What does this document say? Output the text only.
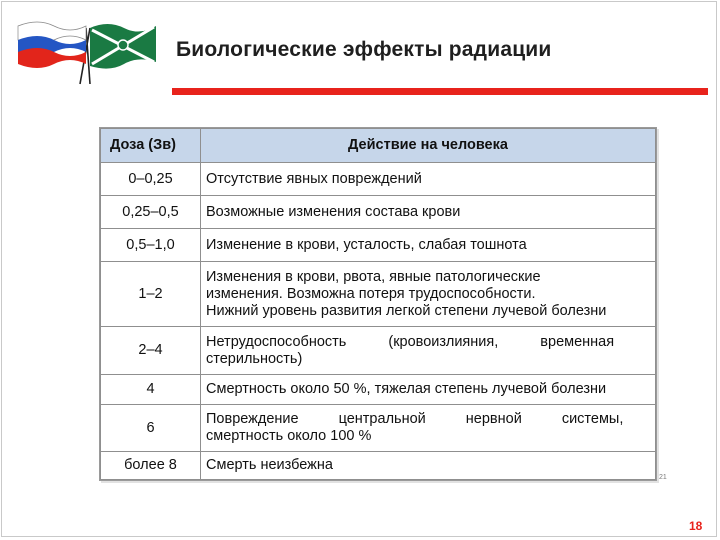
Биологические эффекты радиации
Доза (Зв)	Действие на человека
0–0,25	Отсутствие явных повреждений
0,25–0,5	Возможные изменения состава крови
0,5–1,0	Изменение в крови, усталость, слабая тошнота
1–2	Изменения в крови, рвота, явные патологические
изменения. Возможна потеря трудоспособности.
Нижний уровень развития легкой степени лучевой болезни

2–4	Нетрудоспособность (кровоизлияния, временная
стерильность)

4	Смертность около 50 %, тяжелая степень лучевой болезни
6	Повреждение центральной нервной системы,
смертность около 100 %

более 8	Смерть неизбежна
21
18
